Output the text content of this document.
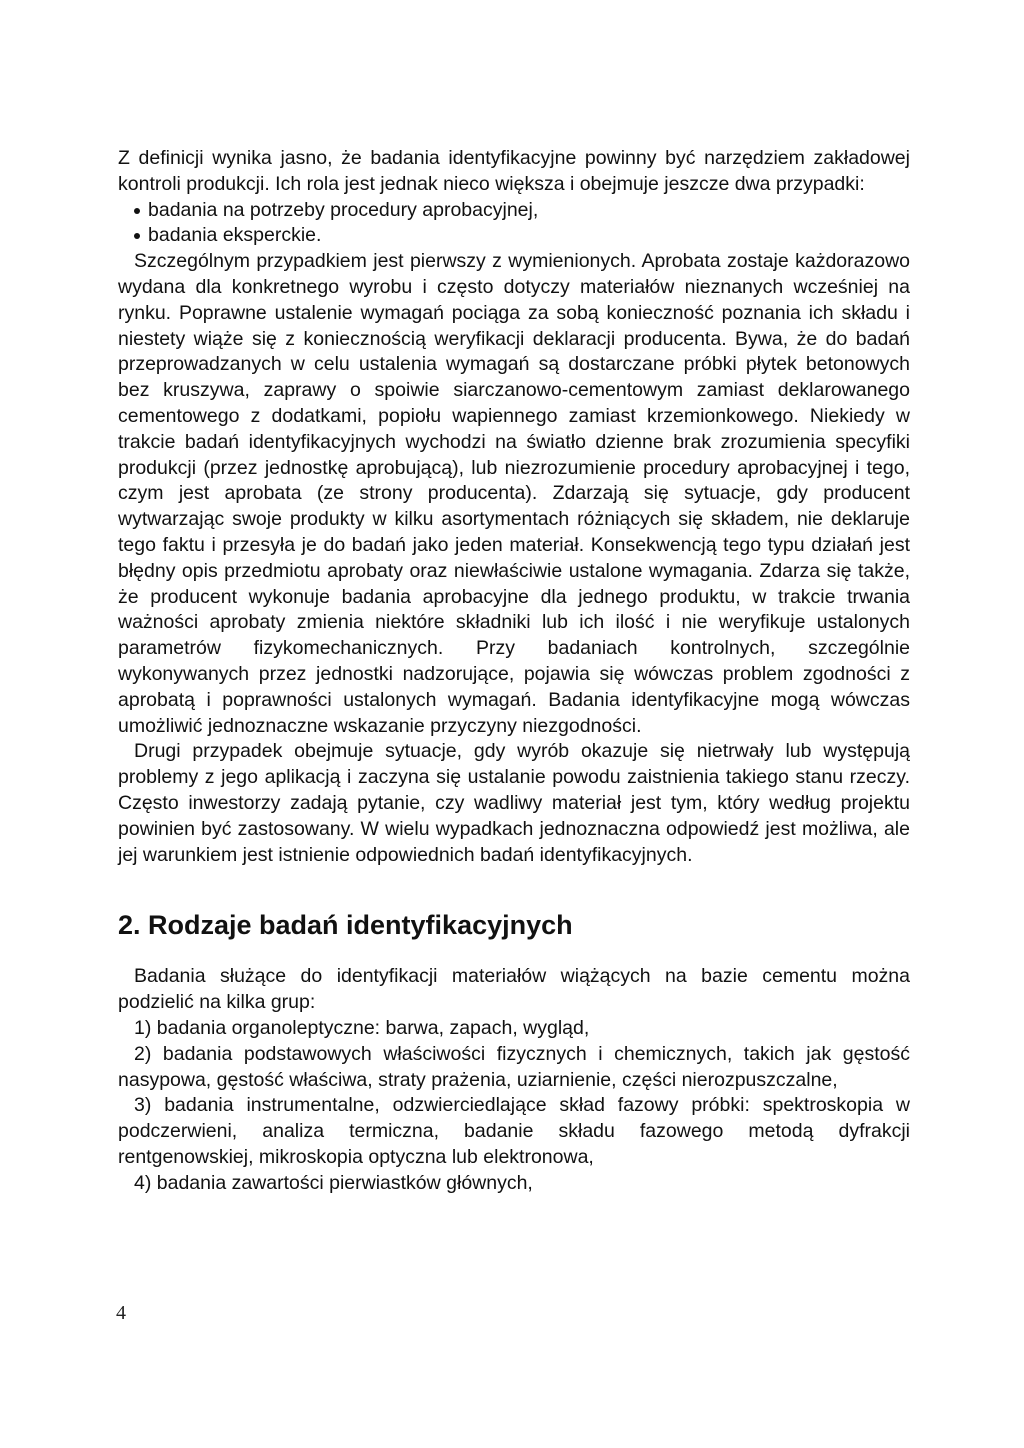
Z definicji wynika jasno, że badania identyfikacyjne powinny być narzędziem zakładowej kontroli produkcji. Ich rola jest jednak nieco większa i obejmuje jeszcze dwa przypadki:

badania na potrzeby procedury aprobacyjnej,
badania eksperckie.

Szczególnym przypadkiem jest pierwszy z wymienionych. Aprobata zostaje każdorazowo wydana dla konkretnego wyrobu i często dotyczy materiałów nieznanych wcześniej na rynku. Poprawne ustalenie wymagań pociąga za sobą konieczność poznania ich składu i niestety wiąże się z koniecznością weryfikacji deklaracji producenta. Bywa, że do badań przeprowadzanych w celu ustalenia wymagań są dostarczane próbki płytek betonowych bez kruszywa, zaprawy o spoiwie siarczanowo-cementowym zamiast deklarowanego cementowego z dodatkami, popiołu wapiennego zamiast krzemionkowego. Niekiedy w trakcie badań identyfikacyjnych wychodzi na światło dzienne brak zrozumienia specyfiki produkcji (przez jednostkę aprobującą), lub niezrozumienie procedury aprobacyjnej i tego, czym jest aprobata (ze strony producenta). Zdarzają się sytuacje, gdy producent wytwarzając swoje produkty w kilku asortymentach różniących się składem, nie deklaruje tego faktu i przesyła je do badań jako jeden materiał. Konsekwencją tego typu działań jest błędny opis przedmiotu aprobaty oraz niewłaściwie ustalone wymagania. Zdarza się także, że producent wykonuje badania aprobacyjne dla jednego produktu, w trakcie trwania ważności aprobaty zmienia niektóre składniki lub ich ilość i nie weryfikuje ustalonych parametrów fizykomechanicznych. Przy badaniach kontrolnych, szczególnie wykonywanych przez jednostki nadzorujące, pojawia się wówczas problem zgodności z aprobatą i poprawności ustalonych wymagań. Badania identyfikacyjne mogą wówczas umożliwić jednoznaczne wskazanie przyczyny niezgodności.

Drugi przypadek obejmuje sytuacje, gdy wyrób okazuje się nietrwały lub występują problemy z jego aplikacją i zaczyna się ustalanie powodu zaistnienia takiego stanu rzeczy. Często inwestorzy zadają pytanie, czy wadliwy materiał jest tym, który według projektu powinien być zastosowany. W wielu wypadkach jednoznaczna odpowiedź jest możliwa, ale jej warunkiem jest istnienie odpowiednich badań identyfikacyjnych.

2. Rodzaje badań identyfikacyjnych

Badania służące do identyfikacji materiałów wiążących na bazie cementu można podzielić na kilka grup:

1) badania organoleptyczne: barwa, zapach, wygląd,

2) badania podstawowych właściwości fizycznych i chemicznych, takich jak gęstość nasypowa, gęstość właściwa, straty prażenia, uziarnienie, części nierozpuszczalne,

3) badania instrumentalne, odzwierciedlające skład fazowy próbki: spektroskopia w podczerwieni, analiza termiczna, badanie składu fazowego metodą dyfrakcji rentgenowskiej, mikroskopia optyczna lub elektronowa,

4) badania zawartości pierwiastków głównych,

4
